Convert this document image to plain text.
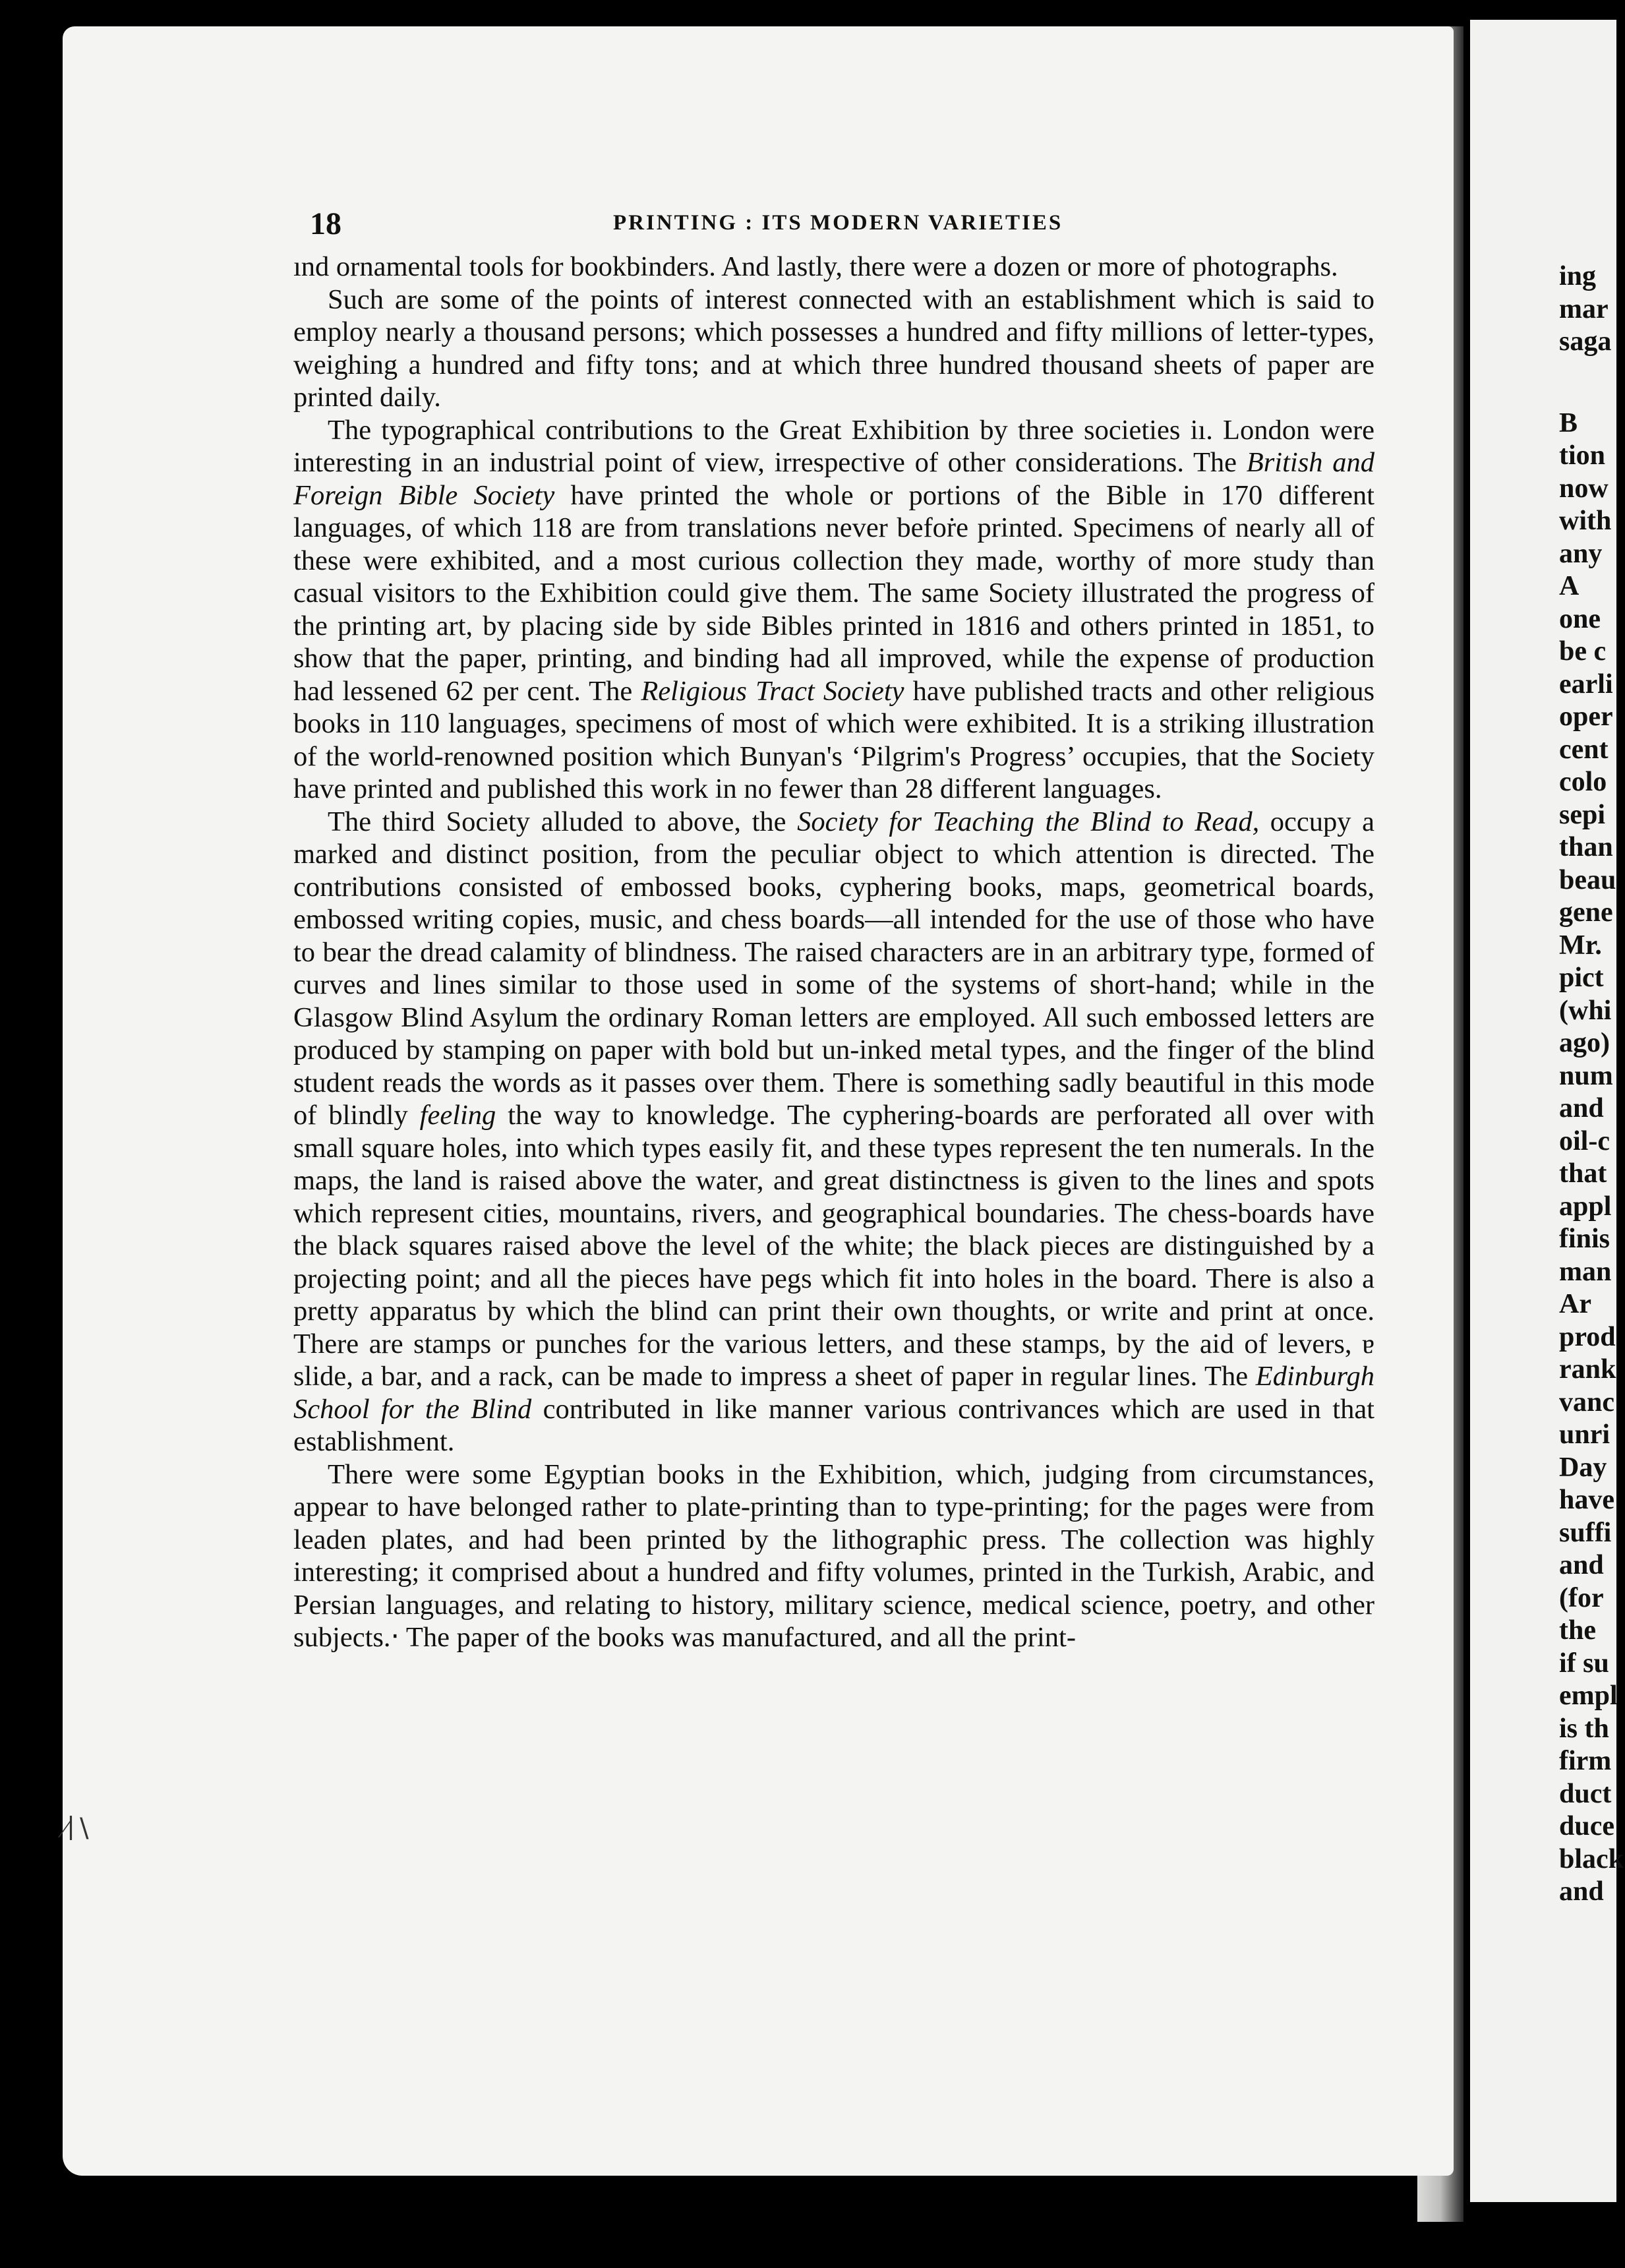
18	PRINTING : ITS MODERN VARIETIES

ınd ornamental tools for bookbinders. And lastly, there were a dozen or more of photographs.

Such are some of the points of interest connected with an establishment which is said to employ nearly a thousand persons; which possesses a hundred and fifty millions of letter-types, weighing a hundred and fifty tons; and at which three hundred thousand sheets of paper are printed daily.

The typographical contributions to the Great Exhibition by three societies iı. London were interesting in an industrial point of view, irrespective of other considerations. The British and Foreign Bible Society have printed the whole or portions of the Bible in 170 different languages, of which 118 are from translations never befoṙe printed. Specimens of nearly all of these were exhibited, and a most curious collection they made, worthy of more study than casual visitors to the Exhibition could give them. The same Society illustrated the progress of the printing art, by placing side by side Bibles printed in 1816 and others printed in 1851, to show that the paper, printing, and binding had all improved, while the expense of production had lessened 62 per cent. The Religious Tract Society have published tracts and other religious books in 110 languages, specimens of most of which were exhibited. It is a striking illustration of the world-renowned position which Bunyan's ‘Pilgrim's Progress’ occupies, that the Society have printed and published this work in no fewer than 28 different languages.

The third Society alluded to above, the Society for Teaching the Blind to Read, occupy a marked and distinct position, from the peculiar object to which attention is directed. The contributions consisted of embossed books, cyphering books, maps, geometrical boards, embossed writing copies, music, and chess boards—all intended for the use of those who have to bear the dread calamity of blindness. The raised characters are in an arbitrary type, formed of curves and lines similar to those used in some of the systems of short-hand; while in the Glasgow Blind Asylum the ordinary Roman letters are employed. All such embossed letters are produced by stamping on paper with bold but un-inked metal types, and the finger of the blind student reads the words as it passes over them. There is something sadly beautiful in this mode of blindly feeling the way to knowledge. The cyphering-boards are perforated all over with small square holes, into which types easily fit, and these types represent the ten numerals. In the maps, the land is raised above the water, and great distinctness is given to the lines and spots which represent cities, mountains, rivers, and geographical boundaries. The chess-boards have the black squares raised above the level of the white; the black pieces are distinguished by a projecting point; and all the pieces have pegs which fit into holes in the board. There is also a pretty apparatus by which the blind can print their own thoughts, or write and print at once. There are stamps or punches for the various letters, and these stamps, by the aid of levers, ɐ slide, a bar, and a rack, can be made to impress a sheet of paper in regular lines. The Edinburgh School for the Blind contributed in like manner various contrivances which are used in that establishment.

There were some Egyptian books in the Exhibition, which, judging from circumstances, appear to have belonged rather to plate-printing than to type-printing; for the pages were from leaden plates, and had been printed by the lithographic press. The collection was highly interesting; it comprised about a hundred and fifty volumes, printed in the Turkish, Arabic, and Persian languages, and relating to history, military science, medical science, poetry, and other subjects.‧ The paper of the books was manufactured, and all the print-

ing
mar
saga
B
tion
now
with
any
A
one
be c
earli
oper
cent
colo
sepi
than
beau
gene
Mr.
pict
(whi
ago)
num
and
oil-c
that
appl
finis
man
Ar
prod
rank
vanc
unri
Day
have
suffi
and
(for
the
if su
empl
is th
firm
duct
duce
black
and
∕∣∖
